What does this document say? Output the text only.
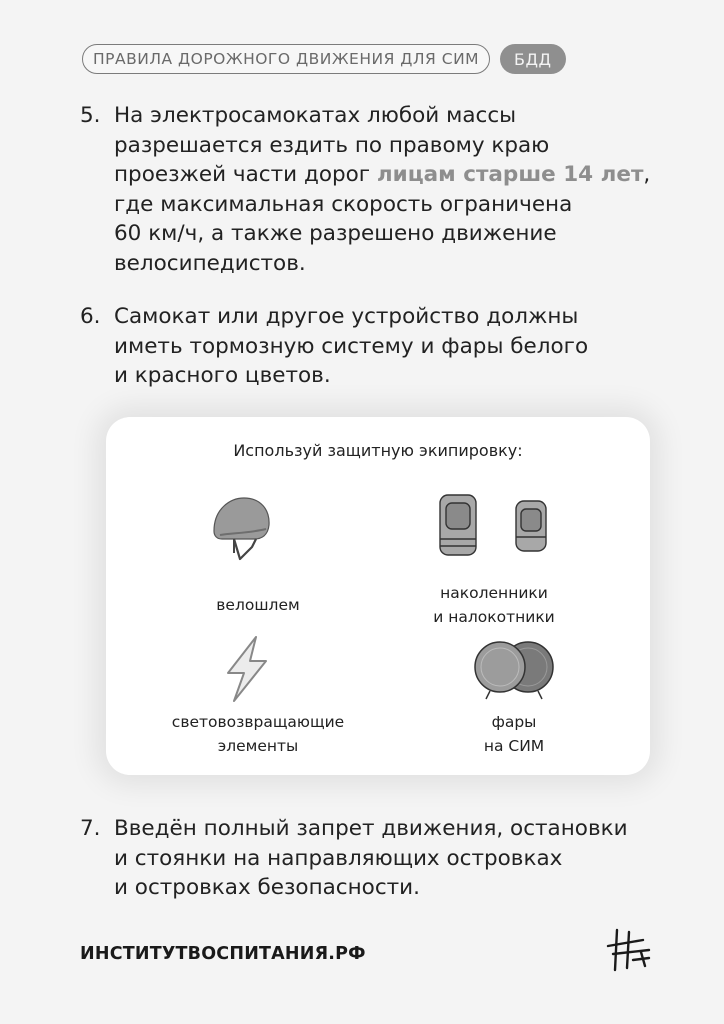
ПРАВИЛА ДОРОЖНОГО ДВИЖЕНИЯ ДЛЯ СИМ	БДД
5. На электросамокатах любой массы
разрешается ездить по правому краю
проезжей части дорог лицам старше 14 лет,
где максимальная скорость ограничена
60 км/ч, а также разрешено движение
велосипедистов.
6. Самокат или другое устройство должны
иметь тормозную систему и фары белого
и красного цветов.
Используй защитную экипировку:
велошлем
наколенники
и налокотники
световозвращающие
элементы
фары
на СИМ
7. Введён полный запрет движения, остановки
и стоянки на направляющих островках
и островках безопасности.
ИНСТИТУТВОСПИТАНИЯ.РФ
